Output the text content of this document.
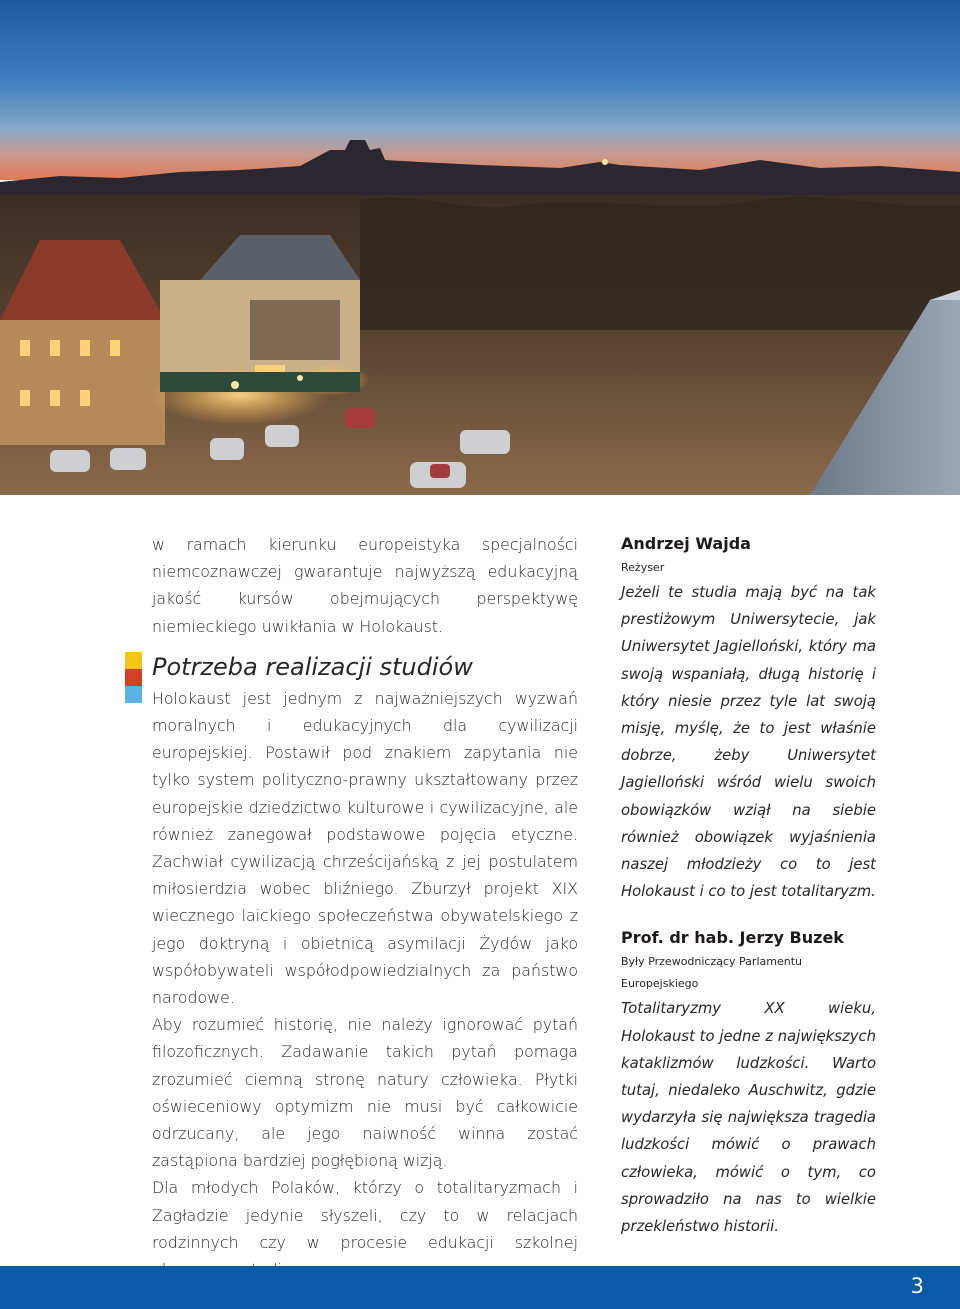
w ramach kierunku europeistyka specjalności niemcoznawczej gwarantuje najwyższą edukacyjną jakość kursów obejmujących perspektywę niemieckiego uwikłania w Holokaust.

Potrzeba realizacji studiów

Holokaust jest jednym z najważniejszych wyzwań moralnych i edukacyjnych dla cywilizacji europejskiej. Postawił pod znakiem zapytania nie tylko system polityczno-prawny ukształtowany przez europejskie dziedzictwo kulturowe i cywilizacyjne, ale również zanegował podstawowe pojęcia etyczne. Zachwiał cywilizacją chrześcijańską z jej postulatem miłosierdzia wobec bliźniego. Zburzył projekt XIX wiecznego laickiego społeczeństwa obywatelskiego z jego doktryną i obietnicą asymilacji Żydów jako współobywateli współodpowiedzialnych za państwo narodowe.

Aby rozumieć historię, nie należy ignorować pytań filozoficznych. Zadawanie takich pytań pomaga zrozumieć ciemną stronę natury człowieka. Płytki oświeceniowy optymizm nie musi być całkowicie odrzucany, ale jego naiwność winna zostać zastąpiona bardziej pogłębioną wizją.

Dla młodych Polaków, którzy o totalitaryzmach i Zagładzie jedynie słyszeli, czy to w relacjach rodzinnych czy w procesie edukacji szkolnej

Andrzej Wajda

Reżyser

Jeżeli te studia mają być na tak prestiżowym Uniwersytecie, jak Uniwersytet Jagielloński, który ma swoją wspaniałą, długą historię i który niesie przez tyle lat swoją misję, myślę, że to jest właśnie dobrze, żeby Uniwersytet Jagielloński wśród wielu swoich obowiązków wziął na siebie również obowiązek wyjaśnienia naszej młodzieży co to jest Holokaust i co to jest totalitaryzm.

Prof. dr hab. Jerzy Buzek

Były Przewodniczący Parlamentu Europejskiego

Totalitaryzmy XX wieku, Holokaust to jedne z największych kataklizmów ludzkości. Warto tutaj, niedaleko Auschwitz, gdzie wydarzyła się największa tragedia ludzkości mówić o prawach człowieka, mówić o tym, co sprowadziło na nas to wielkie przekleństwo historii.

3
